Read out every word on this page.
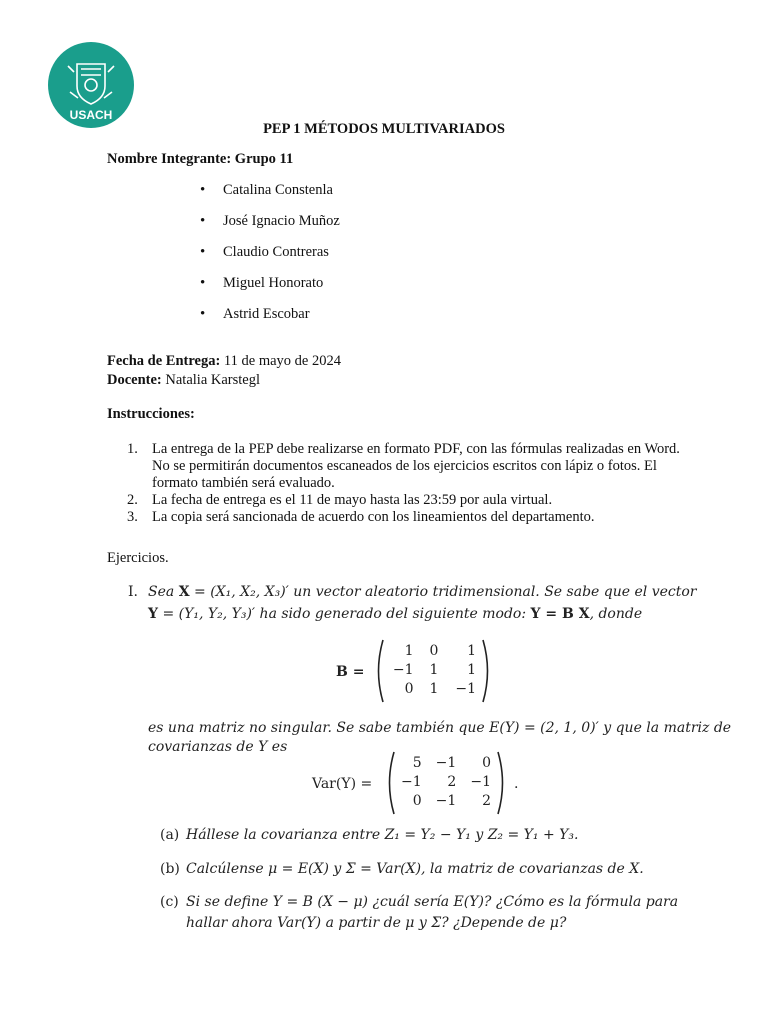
USACH
PEP 1 MÉTODOS MULTIVARIADOS

Nombre Integrante: Grupo 11

• Catalina Constenla
• José Ignacio Muñoz
• Claudio Contreras
• Miguel Honorato
• Astrid Escobar

Fecha de Entrega: 11 de mayo de 2024

Docente: Natalia Karstegl

Instrucciones:

1. La entrega de la PEP debe realizarse en formato PDF, con las fórmulas realizadas en Word. No se permitirán documentos escaneados de los ejercicios escritos con lápiz o fotos. El formato también será evaluado.
2. La fecha de entrega es el 11 de mayo hasta las 23:59 por aula virtual.
3. La copia será sancionada de acuerdo con los lineamientos del departamento.

Ejercicios.

I. Sea X = (X₁, X₂, X₃)′ un vector aleatorio tridimensional. Se sabe que el vector
Y = (Y₁, Y₂, Y₃)′ ha sido generado del siguiente modo: Y = B X, donde
B =
1	0	1
−1	1	1
0	1	−1
es una matriz no singular. Se sabe también que E(Y) = (2, 1, 0)′ y que la matriz de
covarianzas de Y es
Var(Y) =
5	−1	0
−1	2	−1
0	−1	2
.
(a) Hállese la covarianza entre Z₁ = Y₂ − Y₁ y Z₂ = Y₁ + Y₃.
(b) Calcúlense μ = E(X) y Σ = Var(X), la matriz de covarianzas de X.
(c) Si se define Y = B (X − μ) ¿cuál sería E(Y)? ¿Cómo es la fórmula para
hallar ahora Var(Y) a partir de μ y Σ? ¿Depende de μ?
